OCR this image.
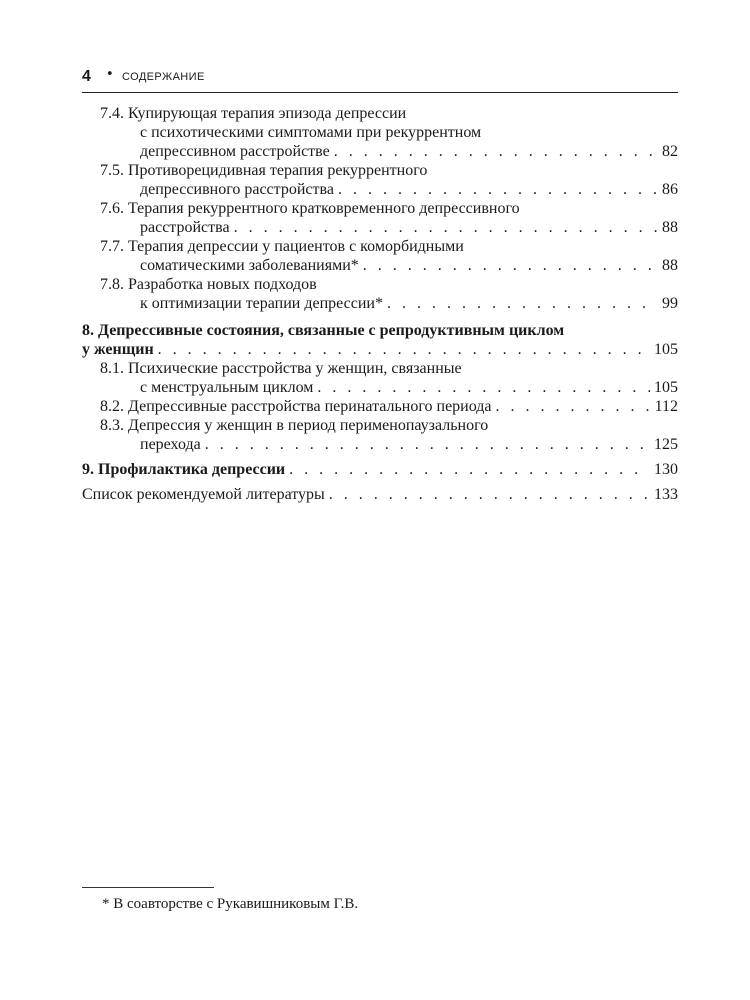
4 • СОДЕРЖАНИЕ
7.4. Купирующая терапия эпизода депрессии
с психотическими симптомами при рекуррентном
депрессивном расстройстве . . .	82
7.5. Противорецидивная терапия рекуррентного
депрессивного расстройства . . .	86
7.6. Терапия рекуррентного кратковременного депрессивного
расстройства . . .	88
7.7. Терапия депрессии у пациентов с коморбидными
соматическими заболеваниями* . . .	88
7.8. Разработка новых подходов
к оптимизации терапии депрессии* . . .	99
8. Депрессивные состояния, связанные с репродуктивным циклом
у женщин . . .	105
8.1. Психические расстройства у женщин, связанные
с менструальным циклом . . .	105
8.2. Депрессивные расстройства перинатального периода . . .	112
8.3. Депрессия у женщин в период перименопаузального
перехода . . .	125
9. Профилактика депрессии . . .	130
Список рекомендуемой литературы . . .	133
* В соавторстве с Рукавишниковым Г.В.
